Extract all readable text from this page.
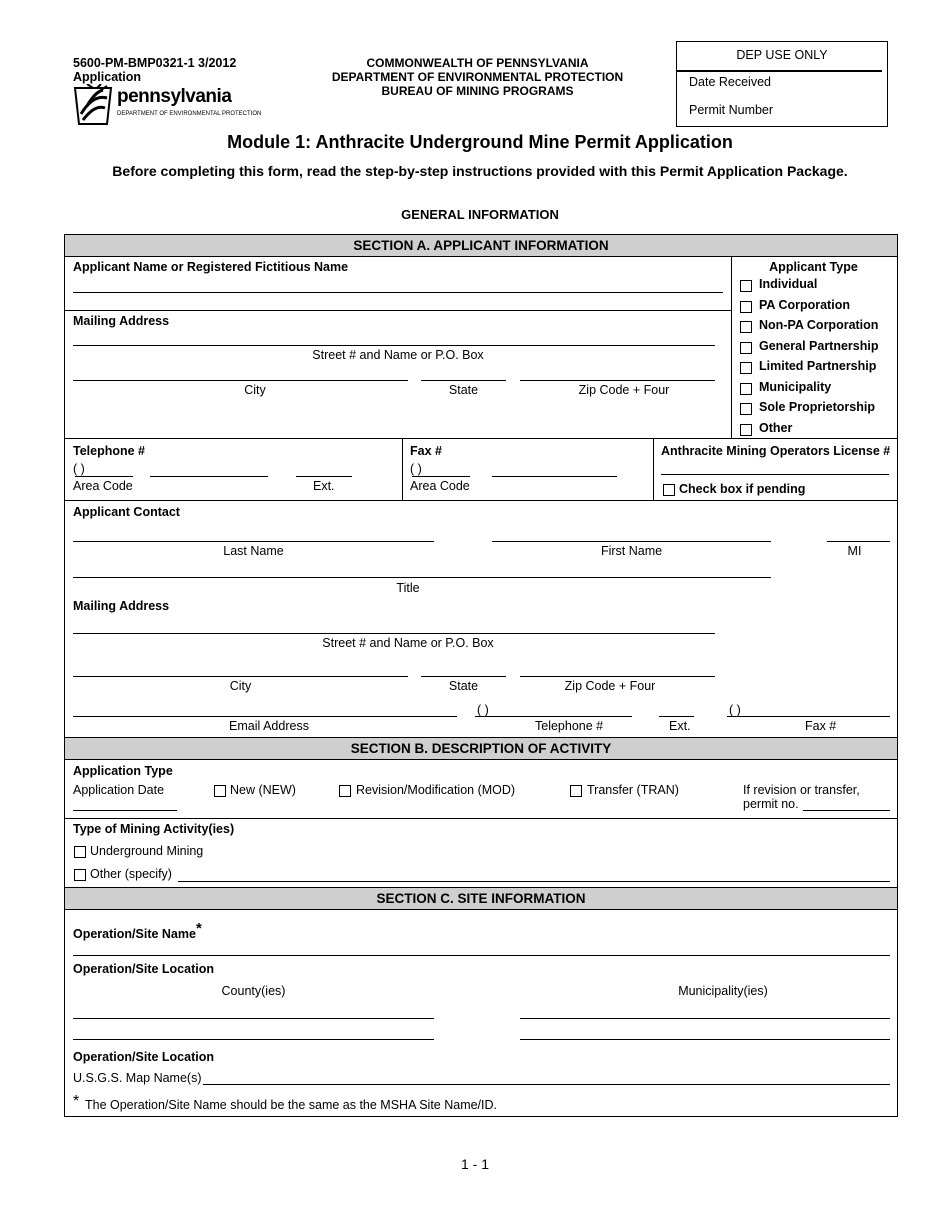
5600-PM-BMP0321-1 3/2012
Application
pennsylvania
DEPARTMENT OF ENVIRONMENTAL PROTECTION
COMMONWEALTH OF PENNSYLVANIA
DEPARTMENT OF ENVIRONMENTAL PROTECTION
BUREAU OF MINING PROGRAMS
DEP USE ONLY
Date Received
Permit Number
Module 1: Anthracite Underground Mine Permit Application
Before completing this form, read the step-by-step instructions provided with this Permit Application Package.
GENERAL INFORMATION
SECTION A. APPLICANT INFORMATION
Applicant Name or Registered Fictitious Name
Mailing Address
Street # and Name or P.O. Box
City	State	Zip Code + Four
Applicant Type
Individual
PA Corporation
Non-PA Corporation
General Partnership
Limited Partnership
Municipality
Sole Proprietorship
Other
Telephone #
( )
Area Code	Ext.
Fax #
( )
Area Code
Anthracite Mining Operators License #
Check box if pending
Applicant Contact
Last Name	First Name	MI
Title
Mailing Address
Street # and Name or P.O. Box
City	State	Zip Code + Four
( )	( )
Email Address	Telephone #	Ext.	Fax #
SECTION B. DESCRIPTION OF ACTIVITY
Application Type
Application Date	New (NEW)	Revision/Modification (MOD)	Transfer (TRAN)	If revision or transfer,
permit no.
Type of Mining Activity(ies)
Underground Mining
Other (specify)
SECTION C. SITE INFORMATION
Operation/Site Name*
Operation/Site Location
County(ies)	Municipality(ies)
Operation/Site Location
U.S.G.S. Map Name(s)
* The Operation/Site Name should be the same as the MSHA Site Name/ID.
1 - 1
